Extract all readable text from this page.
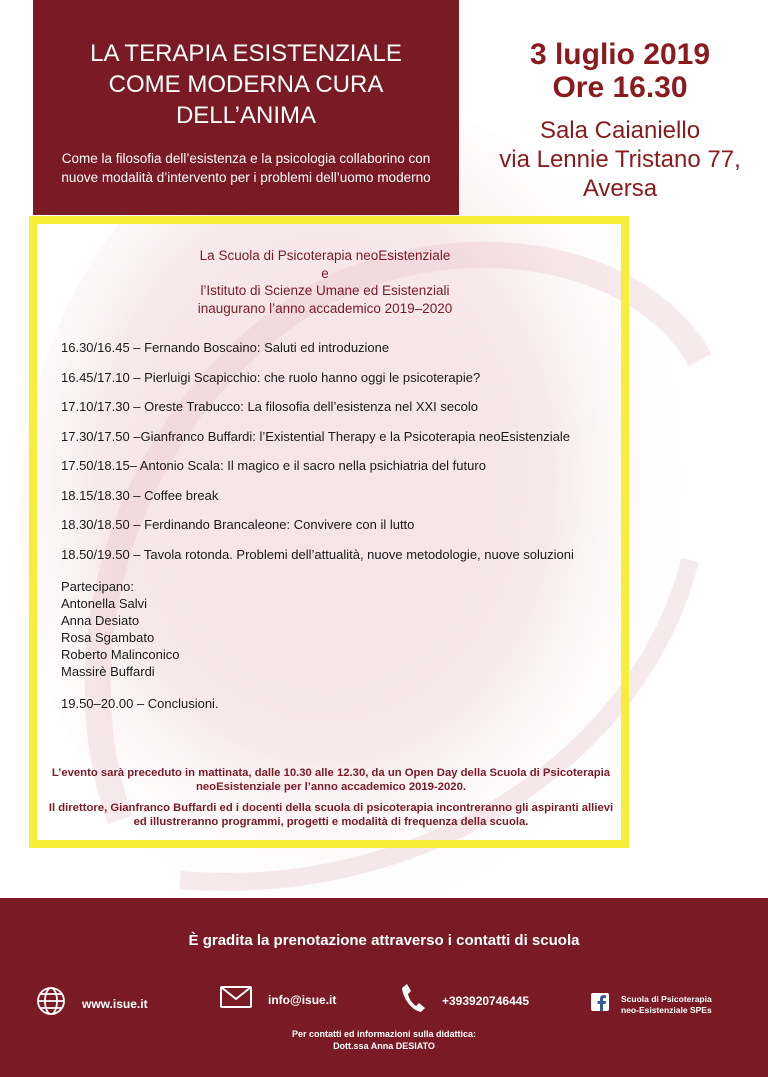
LA TERAPIA ESISTENZIALE COME MODERNA CURA DELL’ANIMA
Come la filosofia dell’esistenza e la psicologia collaborino con nuove modalità d’intervento per i problemi dell’uomo moderno
3 luglio 2019
Ore 16.30
Sala Caianiello
via Lennie Tristano 77,
Aversa
La Scuola di Psicoterapia neoEsistenziale
e
l’Istituto di Scienze Umane ed Esistenziali
inaugurano l’anno accademico 2019–2020
16.30/16.45 – Fernando Boscaino: Saluti ed introduzione
16.45/17.10 – Pierluigi Scapicchio: che ruolo hanno oggi le psicoterapie?
17.10/17.30 – Oreste Trabucco: La filosofia dell’esistenza nel XXI secolo
17.30/17.50 –Gianfranco Buffardi: l’Existential Therapy e la Psicoterapia neoEsistenziale
17.50/18.15– Antonio Scala: Il magico e il sacro nella psichiatria del futuro
18.15/18.30 – Coffee break
18.30/18.50 – Ferdinando Brancaleone: Convivere con il lutto
18.50/19.50 – Tavola rotonda. Problemi dell’attualità, nuove metodologie, nuove soluzioni
Partecipano:
Antonella Salvi
Anna Desiato
Rosa Sgambato
Roberto Malinconico
Massirè Buffardi
19.50–20.00 – Conclusioni.
L’evento sarà preceduto in mattinata, dalle 10.30 alle 12.30, da un Open Day della Scuola di Psicoterapia neoEsistenziale per l’anno accademico 2019-2020.
Il direttore, Gianfranco Buffardi ed i docenti della scuola di psicoterapia incontreranno gli aspiranti allievi ed illustreranno programmi, progetti e modalità di frequenza della scuola.
È gradita la prenotazione attraverso i contatti di scuola
www.isue.it	info@isue.it	+393920746445	Scuola di Psicoterapia
neo-Esistenziale SPEs
Per contatti ed informazioni sulla didattica:
Dott.ssa Anna DESIATO
